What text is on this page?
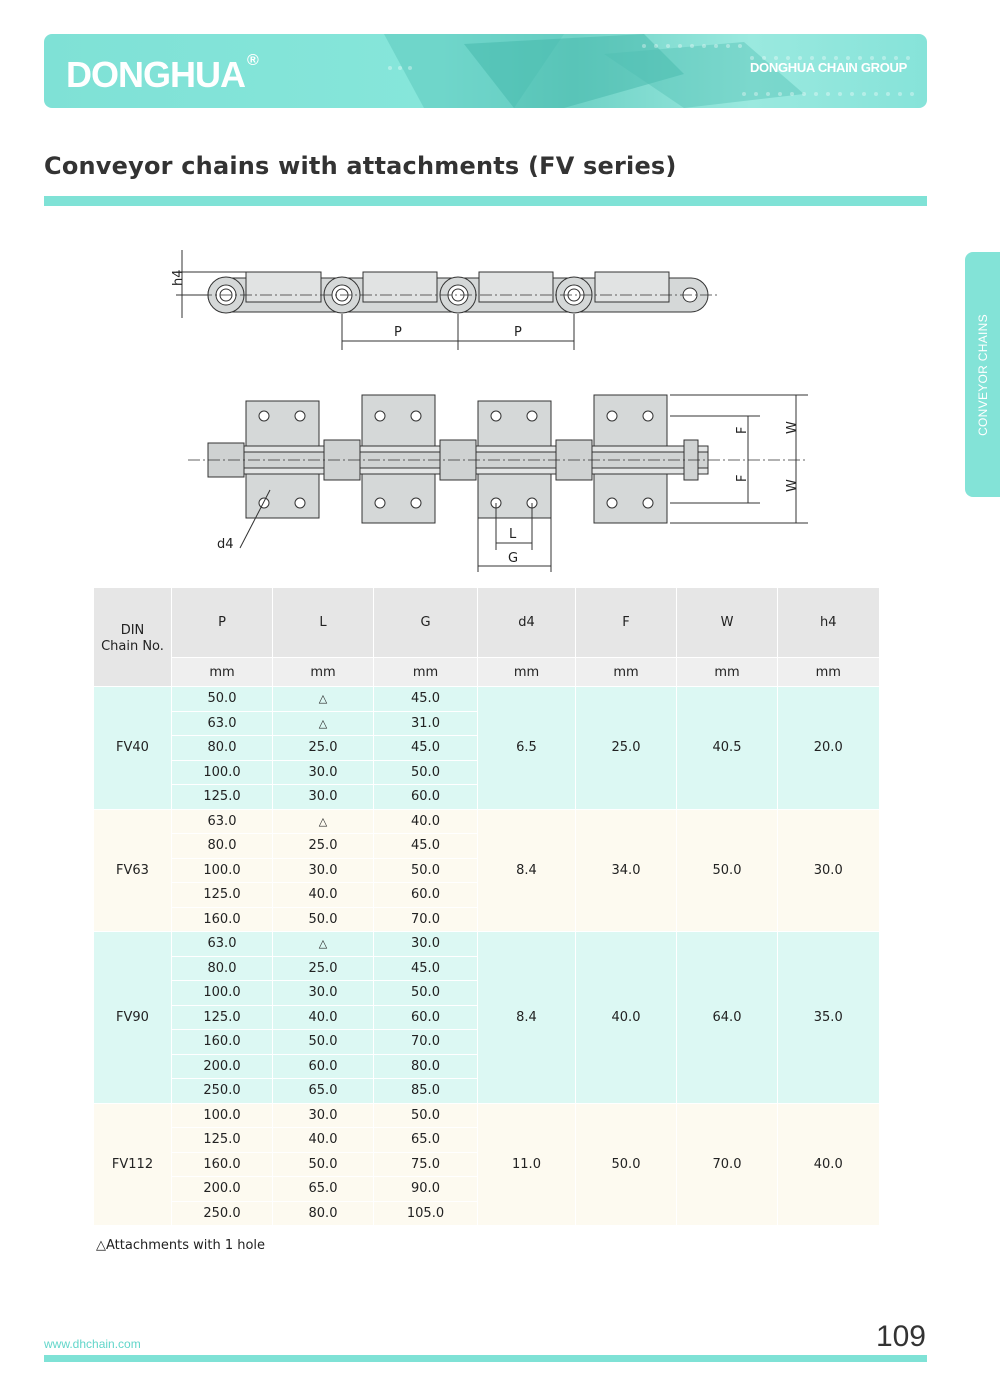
DONGHUA ®	DONGHUA CHAIN GROUP
Conveyor chains with attachments (FV series)
CONVEYOR CHAINS
h4
P	P
F
F
W
W
d4
L
G
DIN
Chain No.	P	L	G	d4	F	W	h4
	mm	mm	mm	mm	mm	mm	mm
FV40	50.0	△	45.0	6.5	25.0	40.5	20.0
	63.0	△	31.0				
	80.0	25.0	45.0				
	100.0	30.0	50.0				
	125.0	30.0	60.0				
FV63	63.0	△	40.0	8.4	34.0	50.0	30.0
	80.0	25.0	45.0				
	100.0	30.0	50.0				
	125.0	40.0	60.0				
	160.0	50.0	70.0				
FV90	63.0	△	30.0	8.4	40.0	64.0	35.0
	80.0	25.0	45.0				
	100.0	30.0	50.0				
	125.0	40.0	60.0				
	160.0	50.0	70.0				
	200.0	60.0	80.0				
	250.0	65.0	85.0				
FV112	100.0	30.0	50.0	11.0	50.0	70.0	40.0
	125.0	40.0	65.0				
	160.0	50.0	75.0				
	200.0	65.0	90.0				
	250.0	80.0	105.0				
△Attachments with 1 hole
www.dhchain.com	109
